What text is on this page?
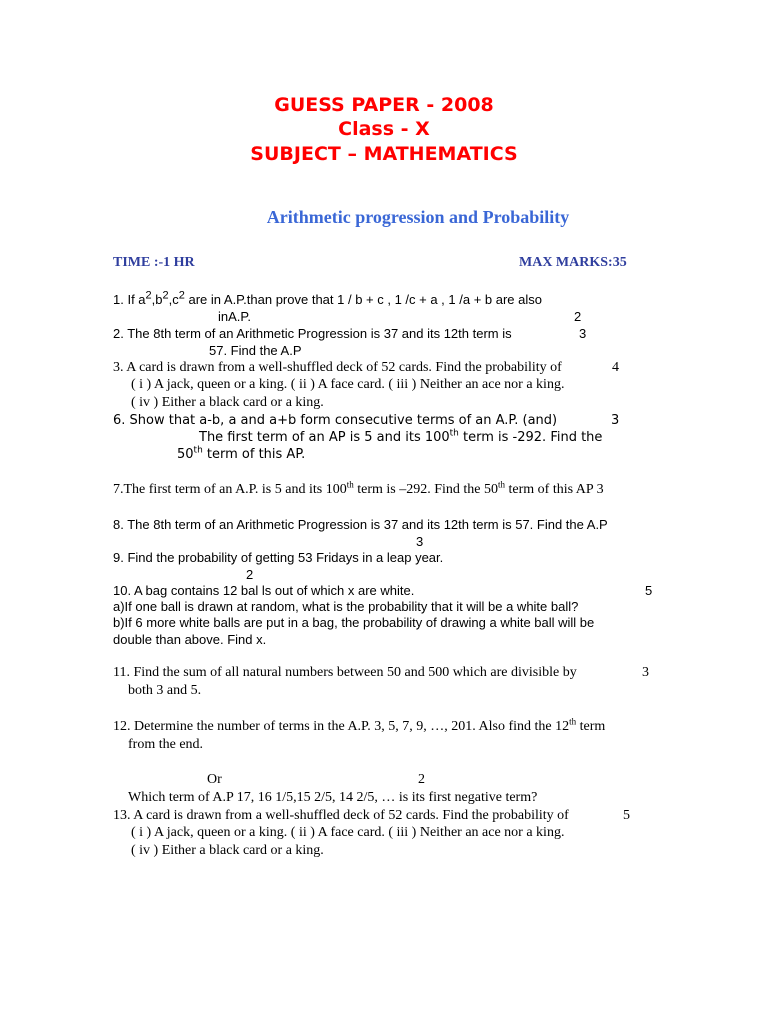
GUESS PAPER - 2008
Class - X
SUBJECT – MATHEMATICS
Arithmetic progression and Probability
TIME :-1 HR	MAX MARKS:35
1. If $a^2,b^2,c^2$ are in A.P.than prove that 1 / b + c , 1 /c + a , 1 /a + b are also
inA.P.	2
2. The 8th term of an Arithmetic Progression is 37 and its 12th term is	3
57. Find the A.P
3. A card is drawn from a well-shuffled deck of 52 cards. Find the probability of	4
( i ) A jack, queen or a king. ( ii ) A face card. ( iii ) Neither an ace nor a king.
( iv ) Either a black card or a king.
6. Show that a-b, a and a+b form consecutive terms of an A.P. (and)	3
The first term of an AP is 5 and its 100th term is -292. Find the
50th term of this AP.
7.The first term of an A.P. is 5 and its 100th term is –292. Find the 50th term of this AP 3
8. The 8th term of an Arithmetic Progression is 37 and its 12th term is 57. Find the A.P
3
9. Find the probability of getting 53 Fridays in a leap year.
2
10. A bag contains 12 bal ls out of which x are white.	5
a)If one ball is drawn at random, what is the probability that it will be a white ball?
b)If 6 more white balls are put in a bag, the probability of drawing a white ball will be
double than above. Find x.
11. Find the sum of all natural numbers between 50 and 500 which are divisible by	3
both 3 and 5.
12. Determine the number of terms in the A.P. 3, 5, 7, 9, …, 201. Also find the 12th term
from the end.
Or	2
Which term of A.P 17, 16 1/5,15 2/5, 14 2/5, … is its first negative term?
13. A card is drawn from a well-shuffled deck of 52 cards. Find the probability of	5
( i ) A jack, queen or a king. ( ii ) A face card. ( iii ) Neither an ace nor a king.
( iv ) Either a black card or a king.
